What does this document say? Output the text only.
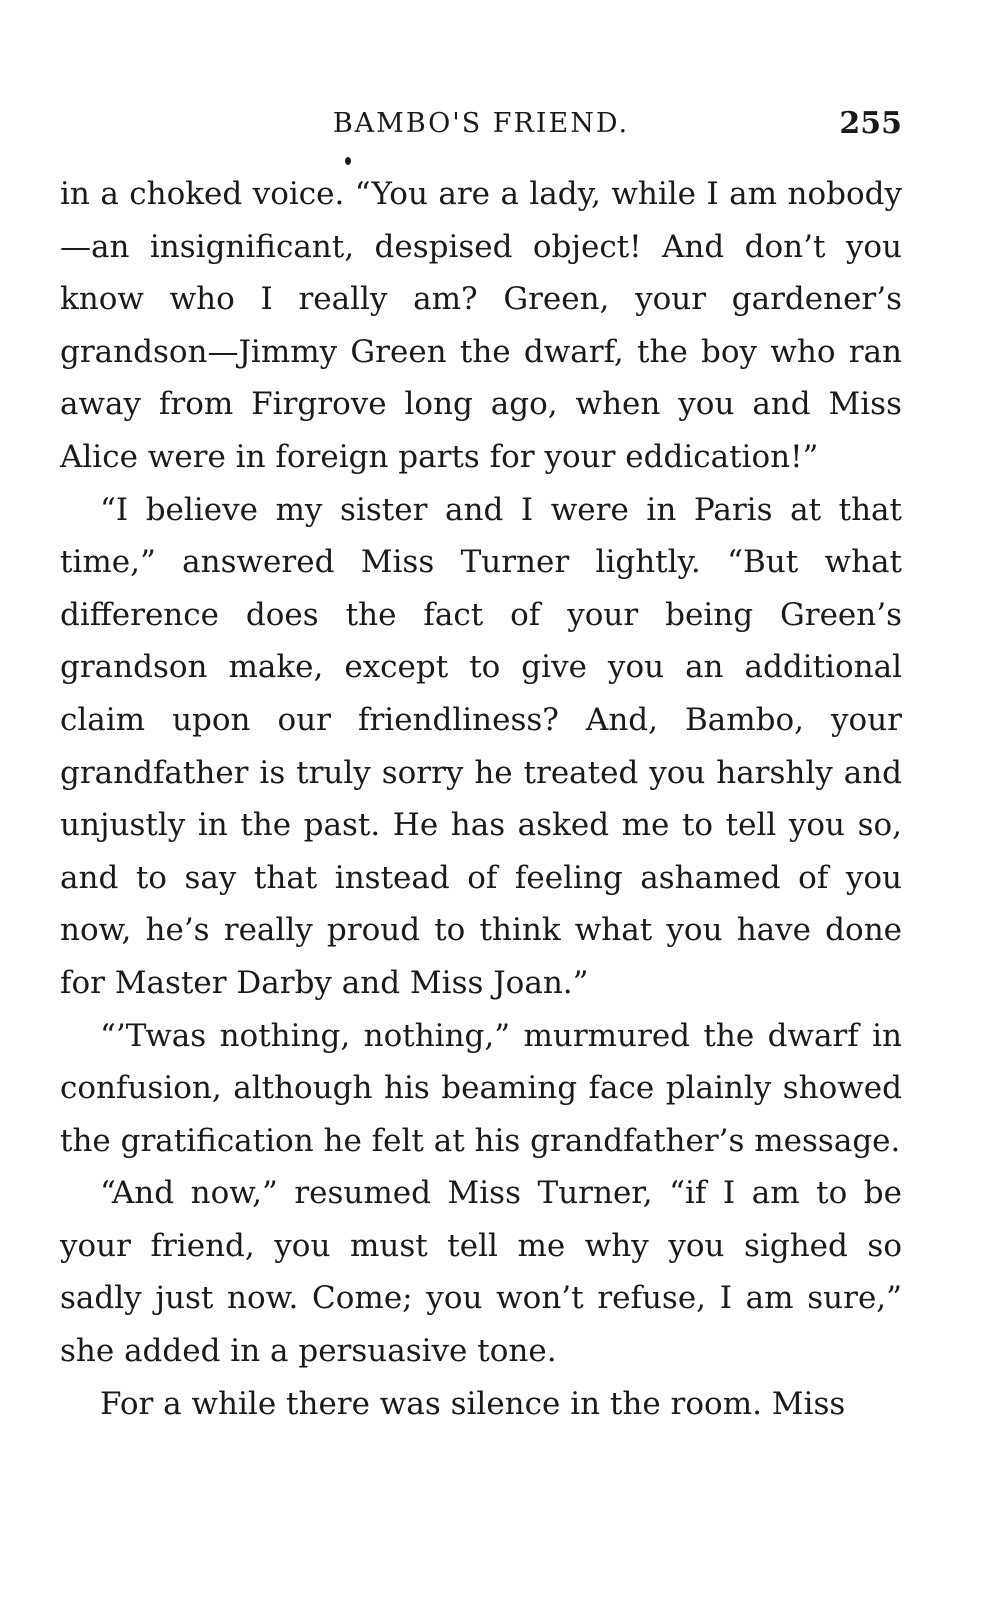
BAMBO'S FRIEND.	255

in a choked voice. “You are a lady, while I am nobody—an insignificant, despised object! And don’t you know who I really am? Green, your gardener’s grandson—Jimmy Green the dwarf, the boy who ran away from Firgrove long ago, when you and Miss Alice were in foreign parts for your eddication!”

“I believe my sister and I were in Paris at that time,” answered Miss Turner lightly. “But what difference does the fact of your being Green’s grandson make, except to give you an additional claim upon our friendliness? And, Bambo, your grandfather is truly sorry he treated you harshly and unjustly in the past. He has asked me to tell you so, and to say that instead of feeling ashamed of you now, he’s really proud to think what you have done for Master Darby and Miss Joan.”

“’Twas nothing, nothing,” murmured the dwarf in confusion, although his beaming face plainly showed the gratification he felt at his grandfather’s message.

“And now,” resumed Miss Turner, “if I am to be your friend, you must tell me why you sighed so sadly just now. Come; you won’t refuse, I am sure,” she added in a persuasive tone.

For a while there was silence in the room. Miss
